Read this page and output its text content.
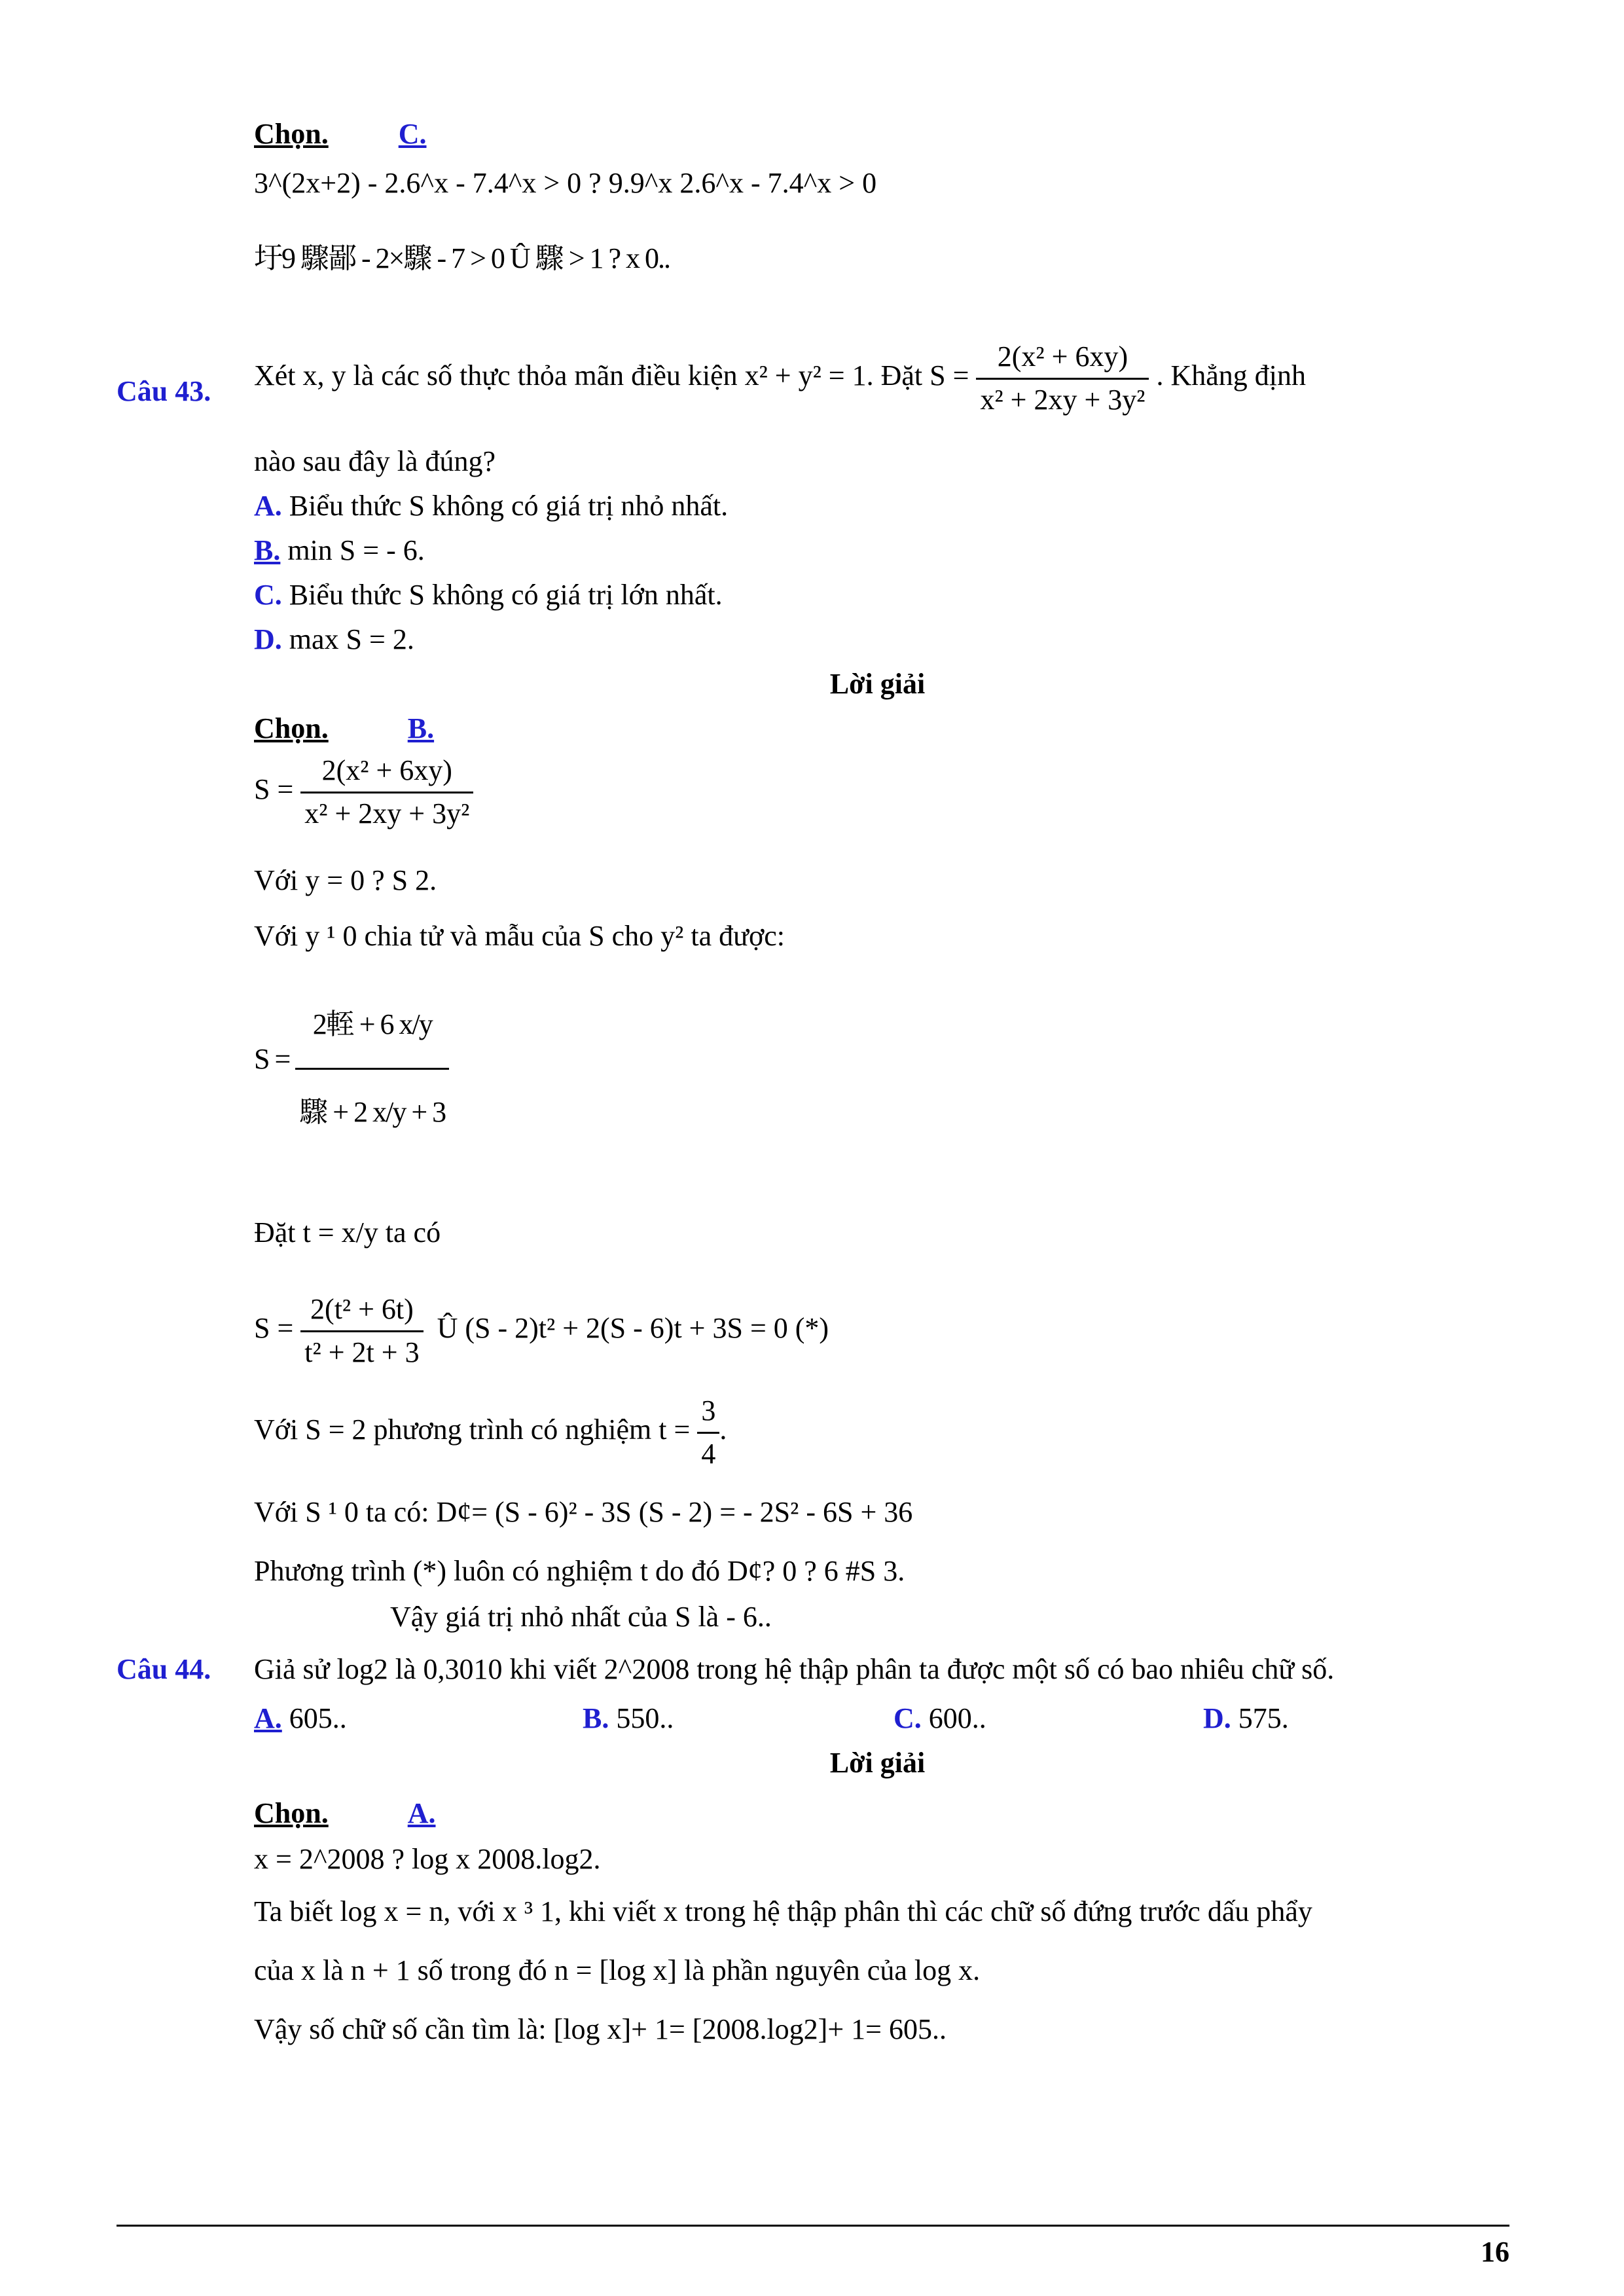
Chọn. C.
3^(2x+2) - 2.6^x - 7.4^x > 0 ? 9.9^x 2.6^x - 7.4^x > 0
圩9 驟鄙 - 2×驟 - 7 > 0 Û 驟 > 1 ? x 0..
Câu 43. Xét x, y là các số thực thỏa mãn điều kiện x² + y² = 1. Đặt $S = \frac{\text{2(x² + 6xy)}}{\text{x² + 2xy + 3y²}}$ . Khẳng định
nào sau đây là đúng?
A. Biểu thức S không có giá trị nhỏ nhất.
B. min S = - 6.
C. Biểu thức S không có giá trị lớn nhất.
D. max S = 2.
Lời giải
Chọn.	B.
$S = \frac{\text{2(x² + 6xy)}}{\text{x² + 2xy + 3y²}}$
Với y = 0 ? S 2.
Với y ¹ 0 chia tử và mẫu của S cho y² ta được:
$S = \frac{\text{2輊 + 6 x/y}}{\text{驟 + 2 x/y + 3}}$
Đặt t = x/y ta có
$S = \frac{\text{2(t² + 6t)}}{\text{t² + 2t + 3}}$ Û (S - 2)t² + 2(S - 6)t + 3S = 0 (*)
Với S = 2 phương trình có nghiệm $t = \frac{3}{4}$ .
Với S ¹ 0 ta có: D¢= (S - 6)² - 3S (S - 2) = - 2S² - 6S + 36
Phương trình (*) luôn có nghiệm t do đó D¢? 0 ? 6 #S 3.
Vậy giá trị nhỏ nhất của S là - 6..
Câu 44. Giả sử log2 là 0,3010 khi viết 2^2008 trong hệ thập phân ta được một số có bao nhiêu chữ số.
A. 605..	B. 550..	C. 600..	D. 575.
Lời giải
Chọn.	A.
x = 2^2008 ? log x 2008.log2.
Ta biết log x = n, với x ³ 1, khi viết x trong hệ thập phân thì các chữ số đứng trước dấu phẩy
của x là n + 1 số trong đó n = [log x] là phần nguyên của log x.
Vậy số chữ số cần tìm là: [log x]+ 1= [2008.log2]+ 1= 605..
16
